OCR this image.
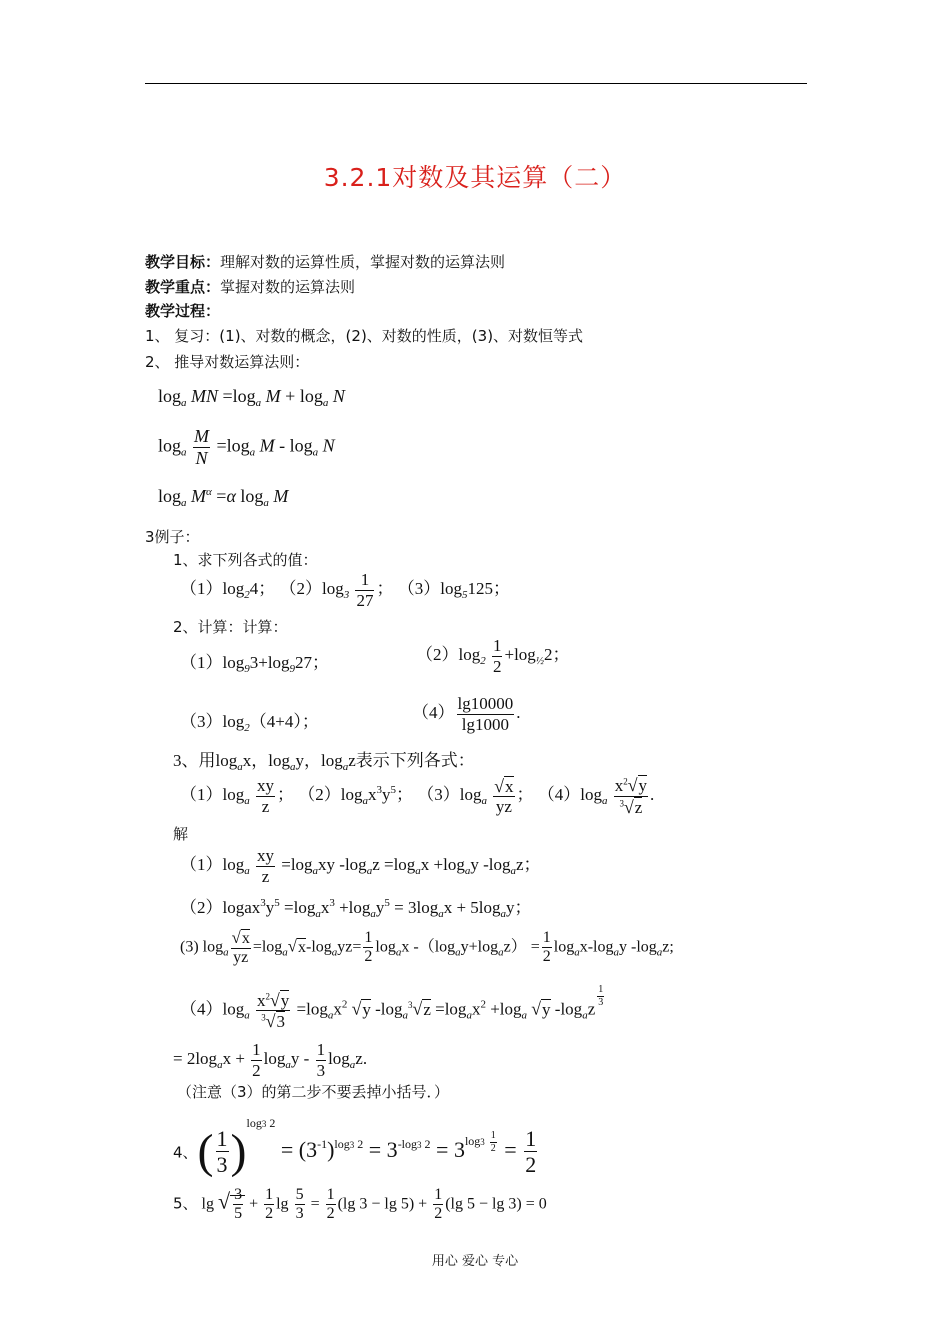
3.2.1对数及其运算（二）
教学目标：理解对数的运算性质，掌握对数的运算法则
教学重点：掌握对数的运算法则
教学过程：
1、 复习：(1)、对数的概念，(2)、对数的性质，(3)、对数恒等式
2、 推导对数运算法则：
$\log_a$ MN $=\log_a$ $M + \log_a N$
$\log_a \frac{M}{N} =\log_a$ M - $\log_a N$
$\log_a M^\alpha =\alpha$ $\log_a M$
3例子：
1、求下列各式的值：
$(1)\log_24$； $(2)\log_3 \frac{1}{27}$ ； $(3)\log_5125$；
2、计算：计算：
$(1)\log_93+\log_927$；	$(2)\log_2 \frac{1}{2} +\log_{\frac{1}{2}}2$；
$(3)\log_2(4+4)$；	$(4) \frac{\lg 10000}{\lg 1000}$ .
3、用$\log_ax$，$\log_ay$，$\log_az$表示下列各式：
$(1)\log_a \frac{xy}{z}$ ； $(2)\log_ax^3y^5$； $(3)\log_a \frac{√x}{yz}$ ； $(4)\log_a \frac{x^2√y}{^3√z}$ .
解
$(1)\log_a \frac{xy}{z} =\log_axy$ $-\log_az =\log_ax +\log_ay$ $-\log_az$；
$(2)logax^3y^5 =\log_ax^3 +\log_ay^5 = 3\log_ax + 5\log_ay$；
(3) $\log_a \frac{√x}{yz} =\log_a√x-\log_ayz= \frac{1}{2} \log_ax$ $-(\log_ay+\log_az) = \frac{1}{2} \log_ax-\log_ay$ $-\log_az$;
$(4)\log_a \frac{x^2√y}{^3√3} =\log_ax^2$ √y $-\log_a^3√z =\log_ax^2 +\log_a$ √y $-\log_az$
$\frac{1}{3}$
= $2\log_ax + \frac{1}{2} \log_ay - \frac{1}{3} \log_az$.
（注意（3）的第二步不要丢掉小括号．）
4、( $\frac{1}{3} )^{log3 2} = (3^{-1})^{log3 2} = 3^{-log3 2} = 3^{log3 \frac{1}{2}} = \frac{1}{2}$
5、 lg √ $\frac{3}{5} + \frac{1}{2}$ $\lg \frac{5}{3} = \frac{1}{2} (\lg$ $3 - \lg 5) + \frac{1}{2} (\lg$ 5 − lg 3) = 0
用心 爱心 专心
